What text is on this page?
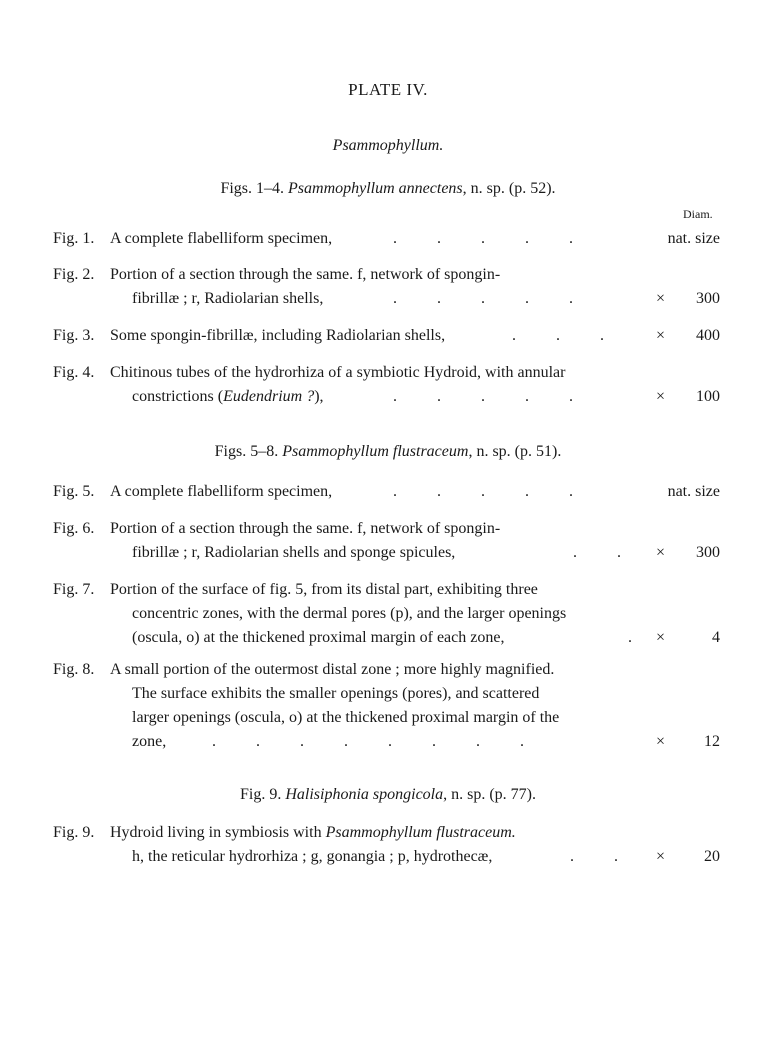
PLATE IV.
Psammophyllum.
Figs. 1–4. Psammophyllum annectens, n. sp. (p. 52).
Diam.
Fig. 1. A complete flabelliform specimen,	.          .          .          .          .	nat. size
Fig. 2. Portion of a section through the same. f, network of spongin-
fibrillæ ; r, Radiolarian shells,	.          .          .          .          .	× 300
Fig. 3. Some spongin-fibrillæ, including Radiolarian shells,	.          .          .	× 400
Fig. 4. Chitinous tubes of the hydrorhiza of a symbiotic Hydroid, with annular
constrictions (Eudendrium ?),	.          .          .          .          .	× 100
Figs. 5–8. Psammophyllum flustraceum, n. sp. (p. 51).
Fig. 5. A complete flabelliform specimen,	.          .          .          .          .	nat. size
Fig. 6. Portion of a section through the same. f, network of spongin-
fibrillæ ; r, Radiolarian shells and sponge spicules,	.          . × 300
Fig. 7. Portion of the surface of fig. 5, from its distal part, exhibiting three
concentric zones, with the dermal pores (p), and the larger openings
(oscula, o) at the thickened proximal margin of each zone,	. ×	4
Fig. 8. A small portion of the outermost distal zone ; more highly magnified.
The surface exhibits the smaller openings (pores), and scattered
larger openings (oscula, o) at the thickened proximal margin of the
zone,	.          .          .          .          .          .          .          .	× 12
Fig. 9. Halisiphonia spongicola, n. sp. (p. 77).
Fig. 9. Hydroid living in symbiosis with Psammophyllum flustraceum.
h, the reticular hydrorhiza ; g, gonangia ; p, hydrothecæ,	.          . × 20
